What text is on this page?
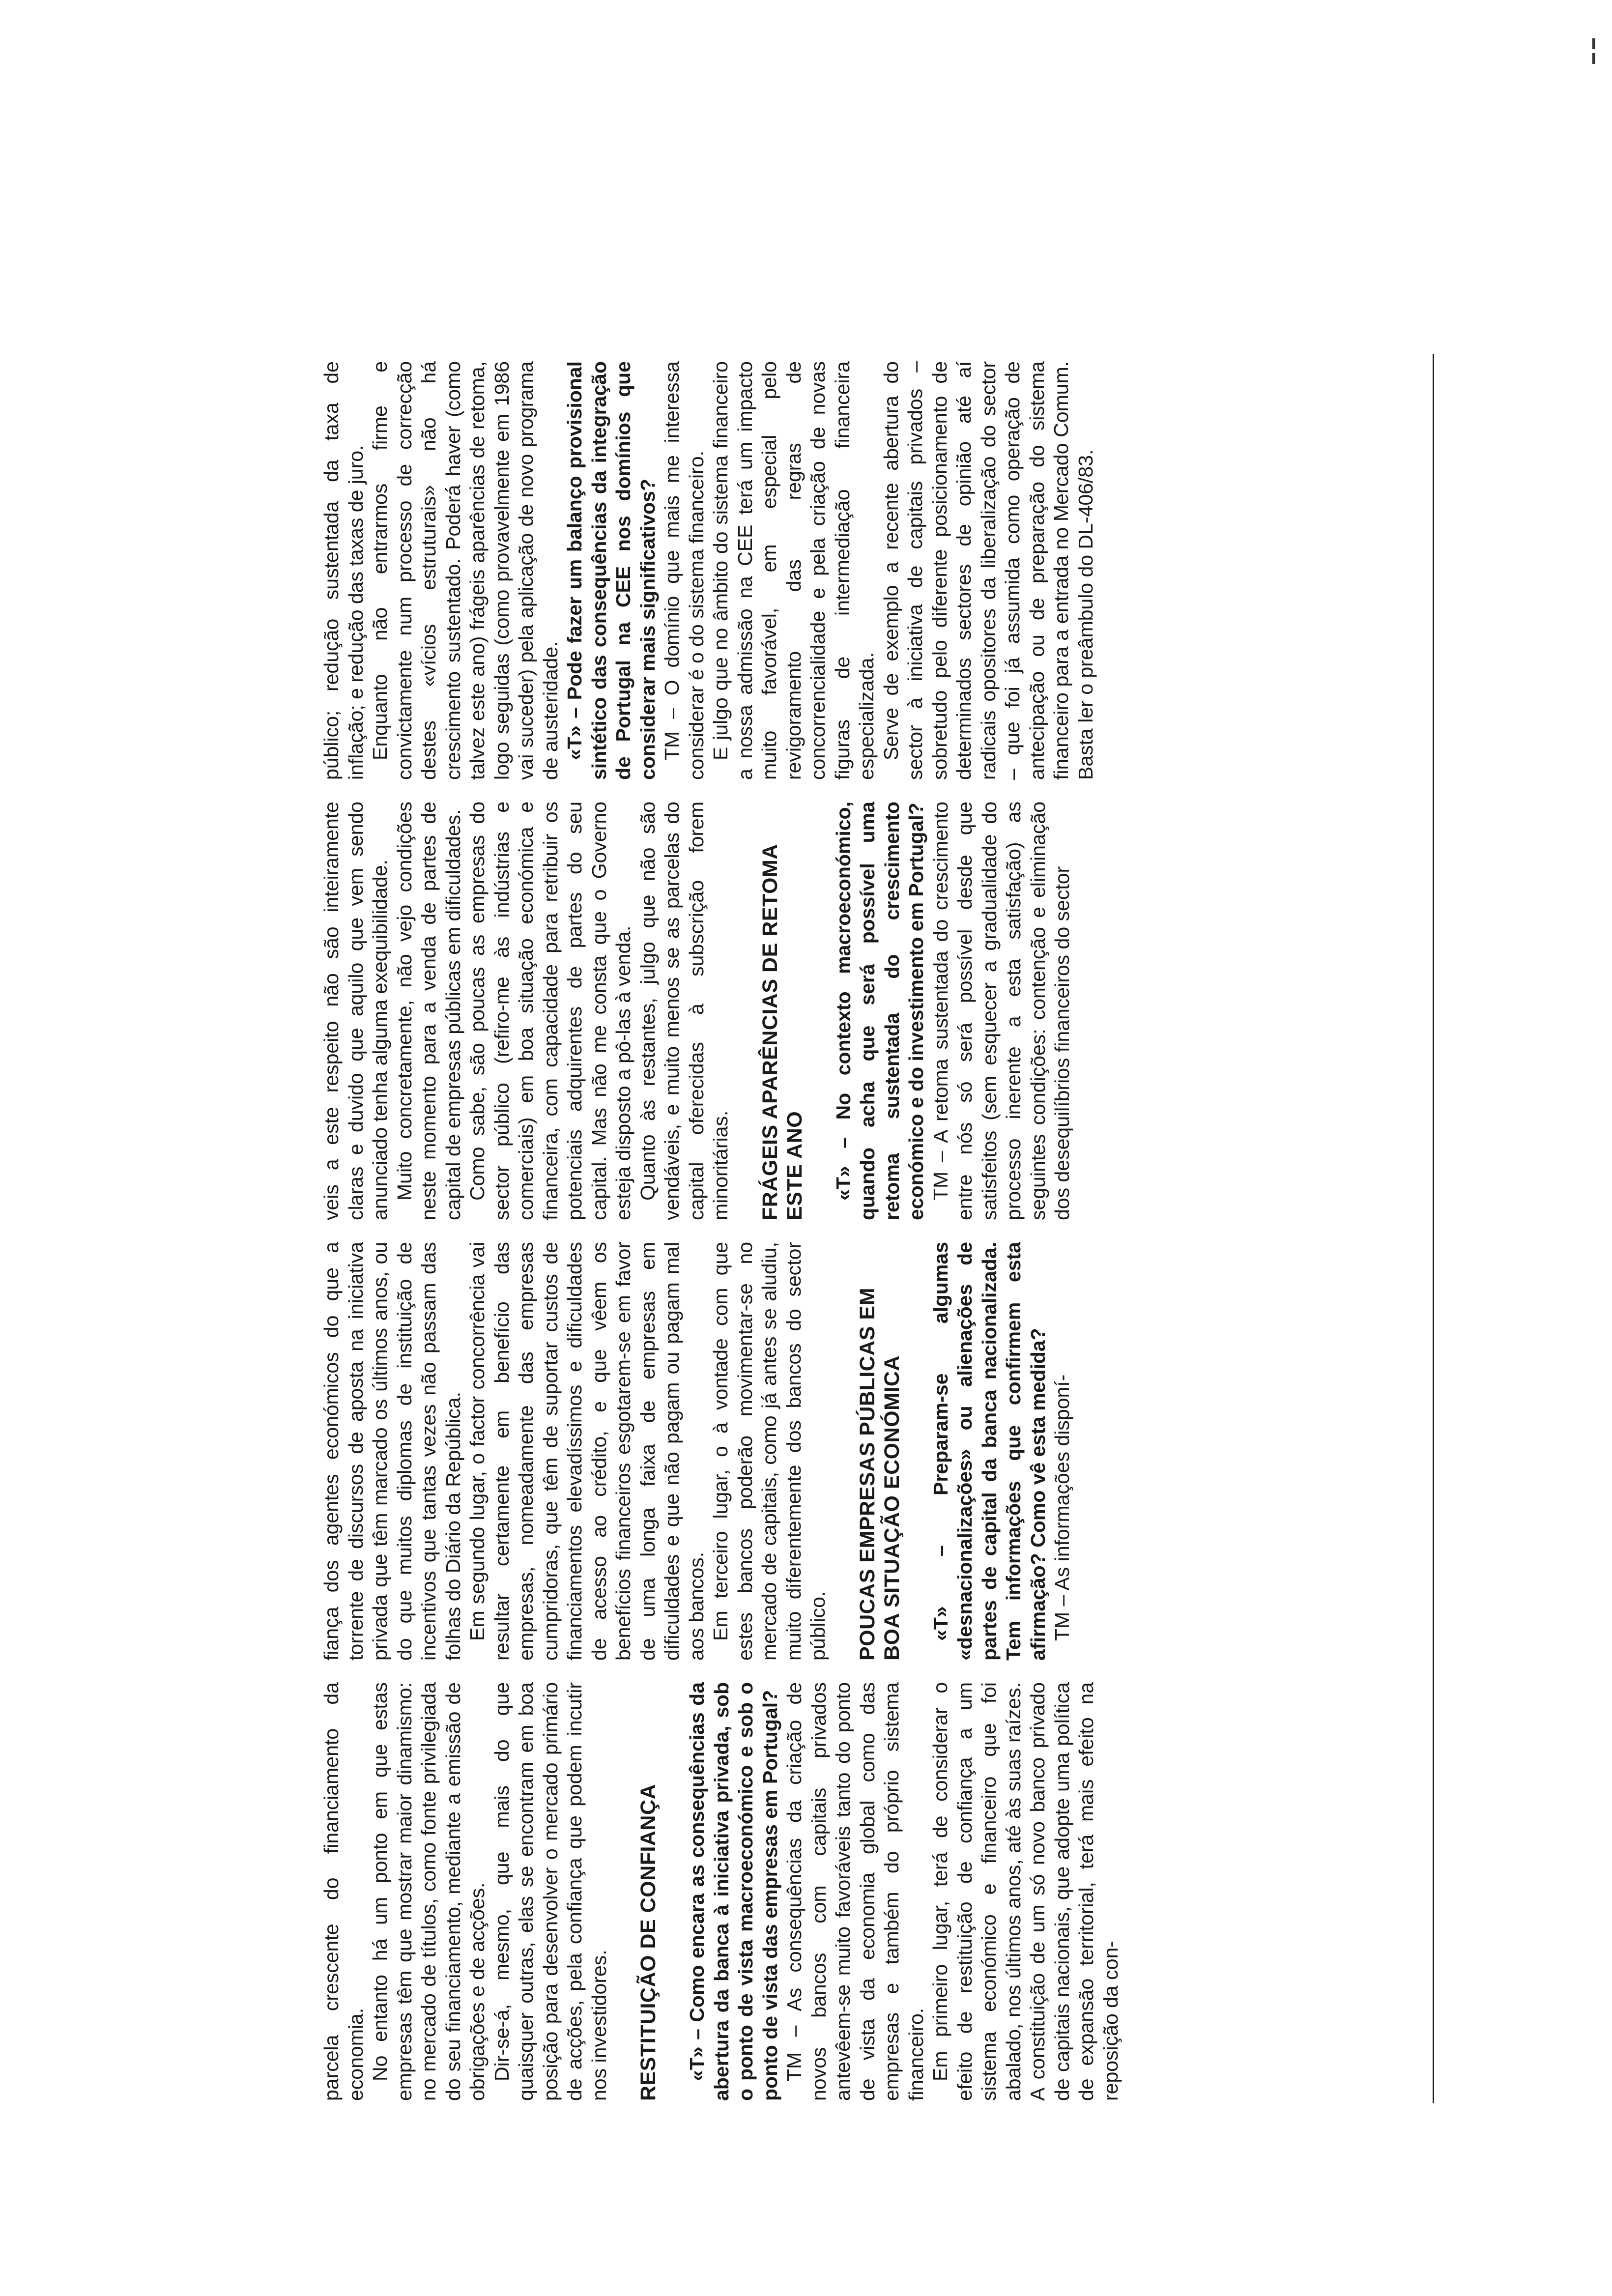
parcela crescente do financiamento da economia. No entanto há um ponto em que estas empresas têm que mostrar maior dinamismo: no mercado de títulos, como fonte privilegiada do seu financiamento, mediante a emissão de obrigações e de acções. Dir-se-á, mesmo, que mais do que quaisquer outras, elas se encontram em boa posição para desenvolver o mercado primário de acções, pela confiança que podem incutir nos investidores. RESTITUIÇÃO DE CONFIANÇA «T» – Como encara as consequências da abertura da banca à iniciativa privada, sob o ponto de vista macroeconómico e sob o ponto de vista das empresas em Portugal? TM – As consequências da criação de novos bancos com capitais privados antevêem-se muito favoráveis tanto do ponto de vista da economia global como das empresas e também do próprio sistema financeiro. Em primeiro lugar, terá de considerar o efeito de restituição de confiança a um sistema económico e financeiro que foi abalado, nos últimos anos, até às suas raízes. A constituição de um só novo banco privado de capitais nacionais, que adopte uma política de expansão territorial, terá mais efeito na reposição da con-

fiança dos agentes económicos do que a torrente de discursos de aposta na iniciativa privada que têm marcado os últimos anos, ou do que muitos diplomas de instituição de incentivos que tantas vezes não passam das folhas do Diário da República. Em segundo lugar, o factor concorrência vai resultar certamente em benefício das empresas, nomeadamente das empresas cumpridoras, que têm de suportar custos de financiamentos elevadíssimos e dificuldades de acesso ao crédito, e que vêem os benefícios financeiros esgotarem-se em favor de uma longa faixa de empresas em dificuldades e que não pagam ou pagam mal aos bancos. Em terceiro lugar, o à vontade com que estes bancos poderão movimentar-se no mercado de capitais, como já antes se aludiu, muito diferentemente dos bancos do sector público. POUCAS EMPRESAS PÚBLICAS EM BOA SITUAÇÃO ECONÓMICA «T» – Preparam-se algumas «desnacionalizações» ou alienações de partes de capital da banca nacionalizada. Tem informações que confirmem esta afirmação? Como vê esta medida? TM – As informações disponí-

veis a este respeito não são inteiramente claras e duvido que aquilo que vem sendo anunciado tenha alguma exequibilidade. Muito concretamente, não vejo condições neste momento para a venda de partes de capital de empresas públicas em dificuldades. Como sabe, são poucas as empresas do sector público (refiro-me às indústrias e comerciais) em boa situação económica e financeira, com capacidade para retribuir os potenciais adquirentes de partes do seu capital. Mas não me consta que o Governo esteja disposto a pô-las à venda. Quanto às restantes, julgo que não são vendáveis, e muito menos se as parcelas do capital oferecidas à subscrição forem minoritárias. FRÁGEIS APARÊNCIAS DE RETOMA ESTE ANO «T» – No contexto macroeconómico, quando acha que será possível uma retoma sustentada do crescimento económico e do investimento em Portugal? TM – A retoma sustentada do crescimento entre nós só será possível desde que satisfeitos (sem esquecer a gradualidade do processo inerente a esta satisfação) as seguintes condições: contenção e eliminação dos desequilíbrios financeiros do sector

público; redução sustentada da taxa de inflação; e redução das taxas de juro. Enquanto não entrarmos firme e convictamente num processo de correcção destes «vícios estruturais» não há crescimento sustentado. Poderá haver (como talvez este ano) frágeis aparências de retoma, logo seguidas (como provavelmente em 1986 vai suceder) pela aplicação de novo programa de austeridade. «T» – Pode fazer um balanço provisional sintético das consequências da integração de Portugal na CEE nos domínios que considerar mais significativos? TM – O domínio que mais me interessa considerar é o do sistema financeiro. E julgo que no âmbito do sistema financeiro a nossa admissão na CEE terá um impacto muito favorável, em especial pelo revigoramento das regras de concorrencialidade e pela criação de novas figuras de intermediação financeira especializada. Serve de exemplo a recente abertura do sector à iniciativa de capitais privados – sobretudo pelo diferente posicionamento de determinados sectores de opinião até aí radicais opositores da liberalização do sector – que foi já assumida como operação de antecipação ou de preparação do sistema financeiro para a entrada no Mercado Comum. Basta ler o preâmbulo do DL-406/83.
